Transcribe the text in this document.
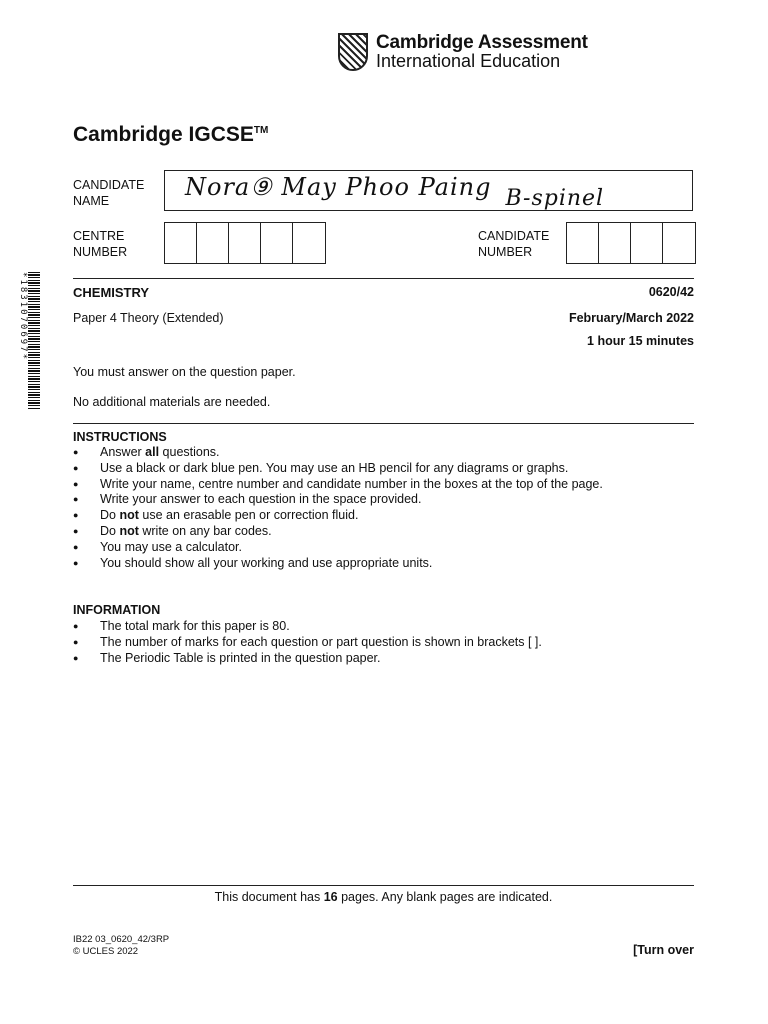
Cambridge Assessment
International Education
Cambridge IGCSE™
CANDIDATE
NAME	Nora⑨ May Phoo Paing B-spinel
CENTRE
NUMBER
CANDIDATE
NUMBER
*1831070697*	CHEMISTRY	0620/42
Paper 4 Theory (Extended)	February/March 2022
1 hour 15 minutes
You must answer on the question paper.
No additional materials are needed.
INSTRUCTIONS
● Answer all questions.
● Use a black or dark blue pen. You may use an HB pencil for any diagrams or graphs.
● Write your name, centre number and candidate number in the boxes at the top of the page.
● Write your answer to each question in the space provided.
● Do not use an erasable pen or correction fluid.
● Do not write on any bar codes.
● You may use a calculator.
● You should show all your working and use appropriate units.
INFORMATION
● The total mark for this paper is 80.
● The number of marks for each question or part question is shown in brackets [ ].
● The Periodic Table is printed in the question paper.
This document has 16 pages. Any blank pages are indicated.
IB22 03_0620_42/3RP
© UCLES 2022	[Turn over
